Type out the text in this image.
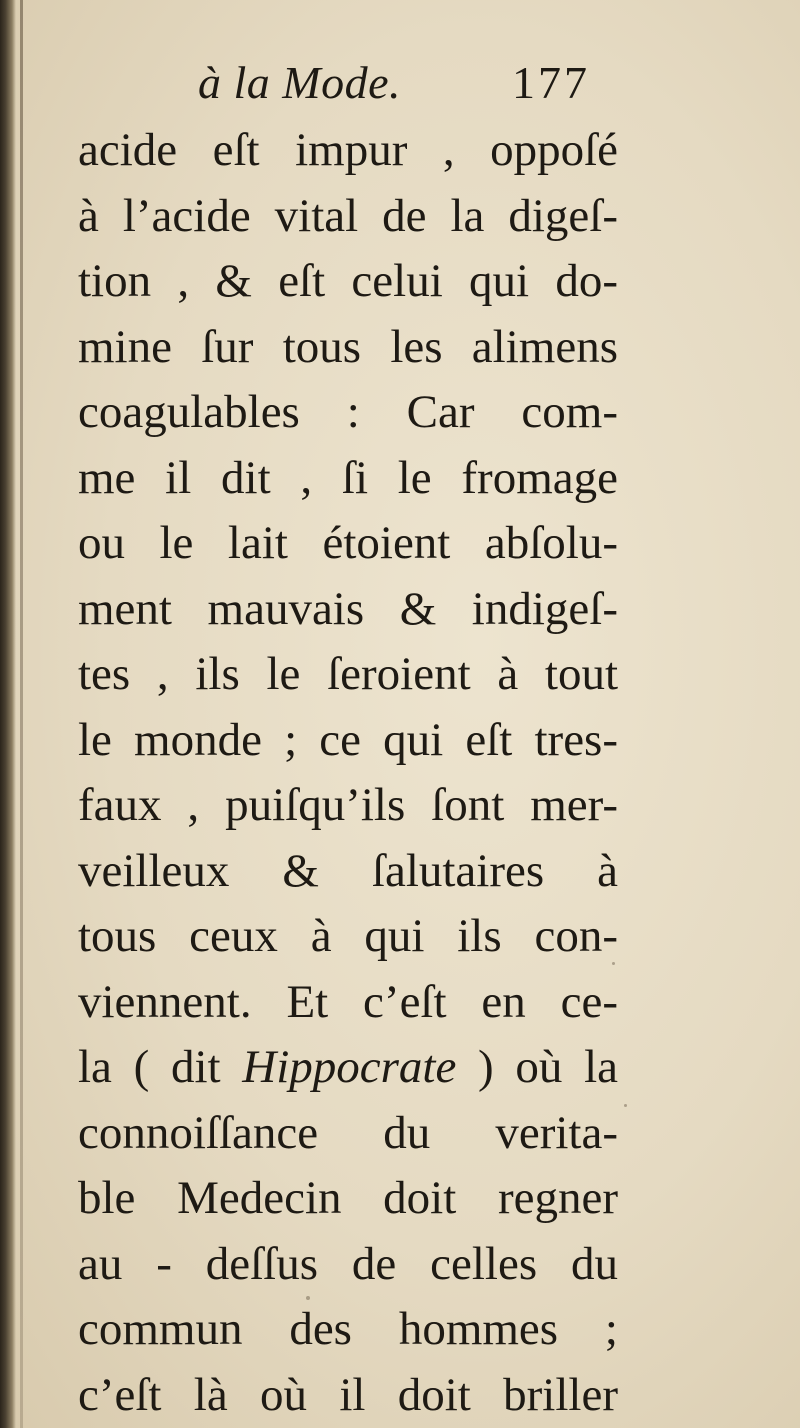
à la Mode. 177
acide eſt impur , oppoſé
à l’acide vital de la digeſ-
tion , & eſt celui qui do-
mine ſur tous les alimens
coagulables : Car com-
me il dit , ſi le fromage
ou le lait étoient abſolu-
ment mauvais & indigeſ-
tes , ils le ſeroient à tout
le monde ; ce qui eſt tres-
faux , puiſqu’ils ſont mer-
veilleux & ſalutaires à
tous ceux à qui ils con-
viennent. Et c’eſt en ce-
la ( dit Hippocrate ) où la
connoiſſance du verita-
ble Medecin doit regner
au - deſſus de celles du
commun des hommes ;
c’eſt là où il doit briller
